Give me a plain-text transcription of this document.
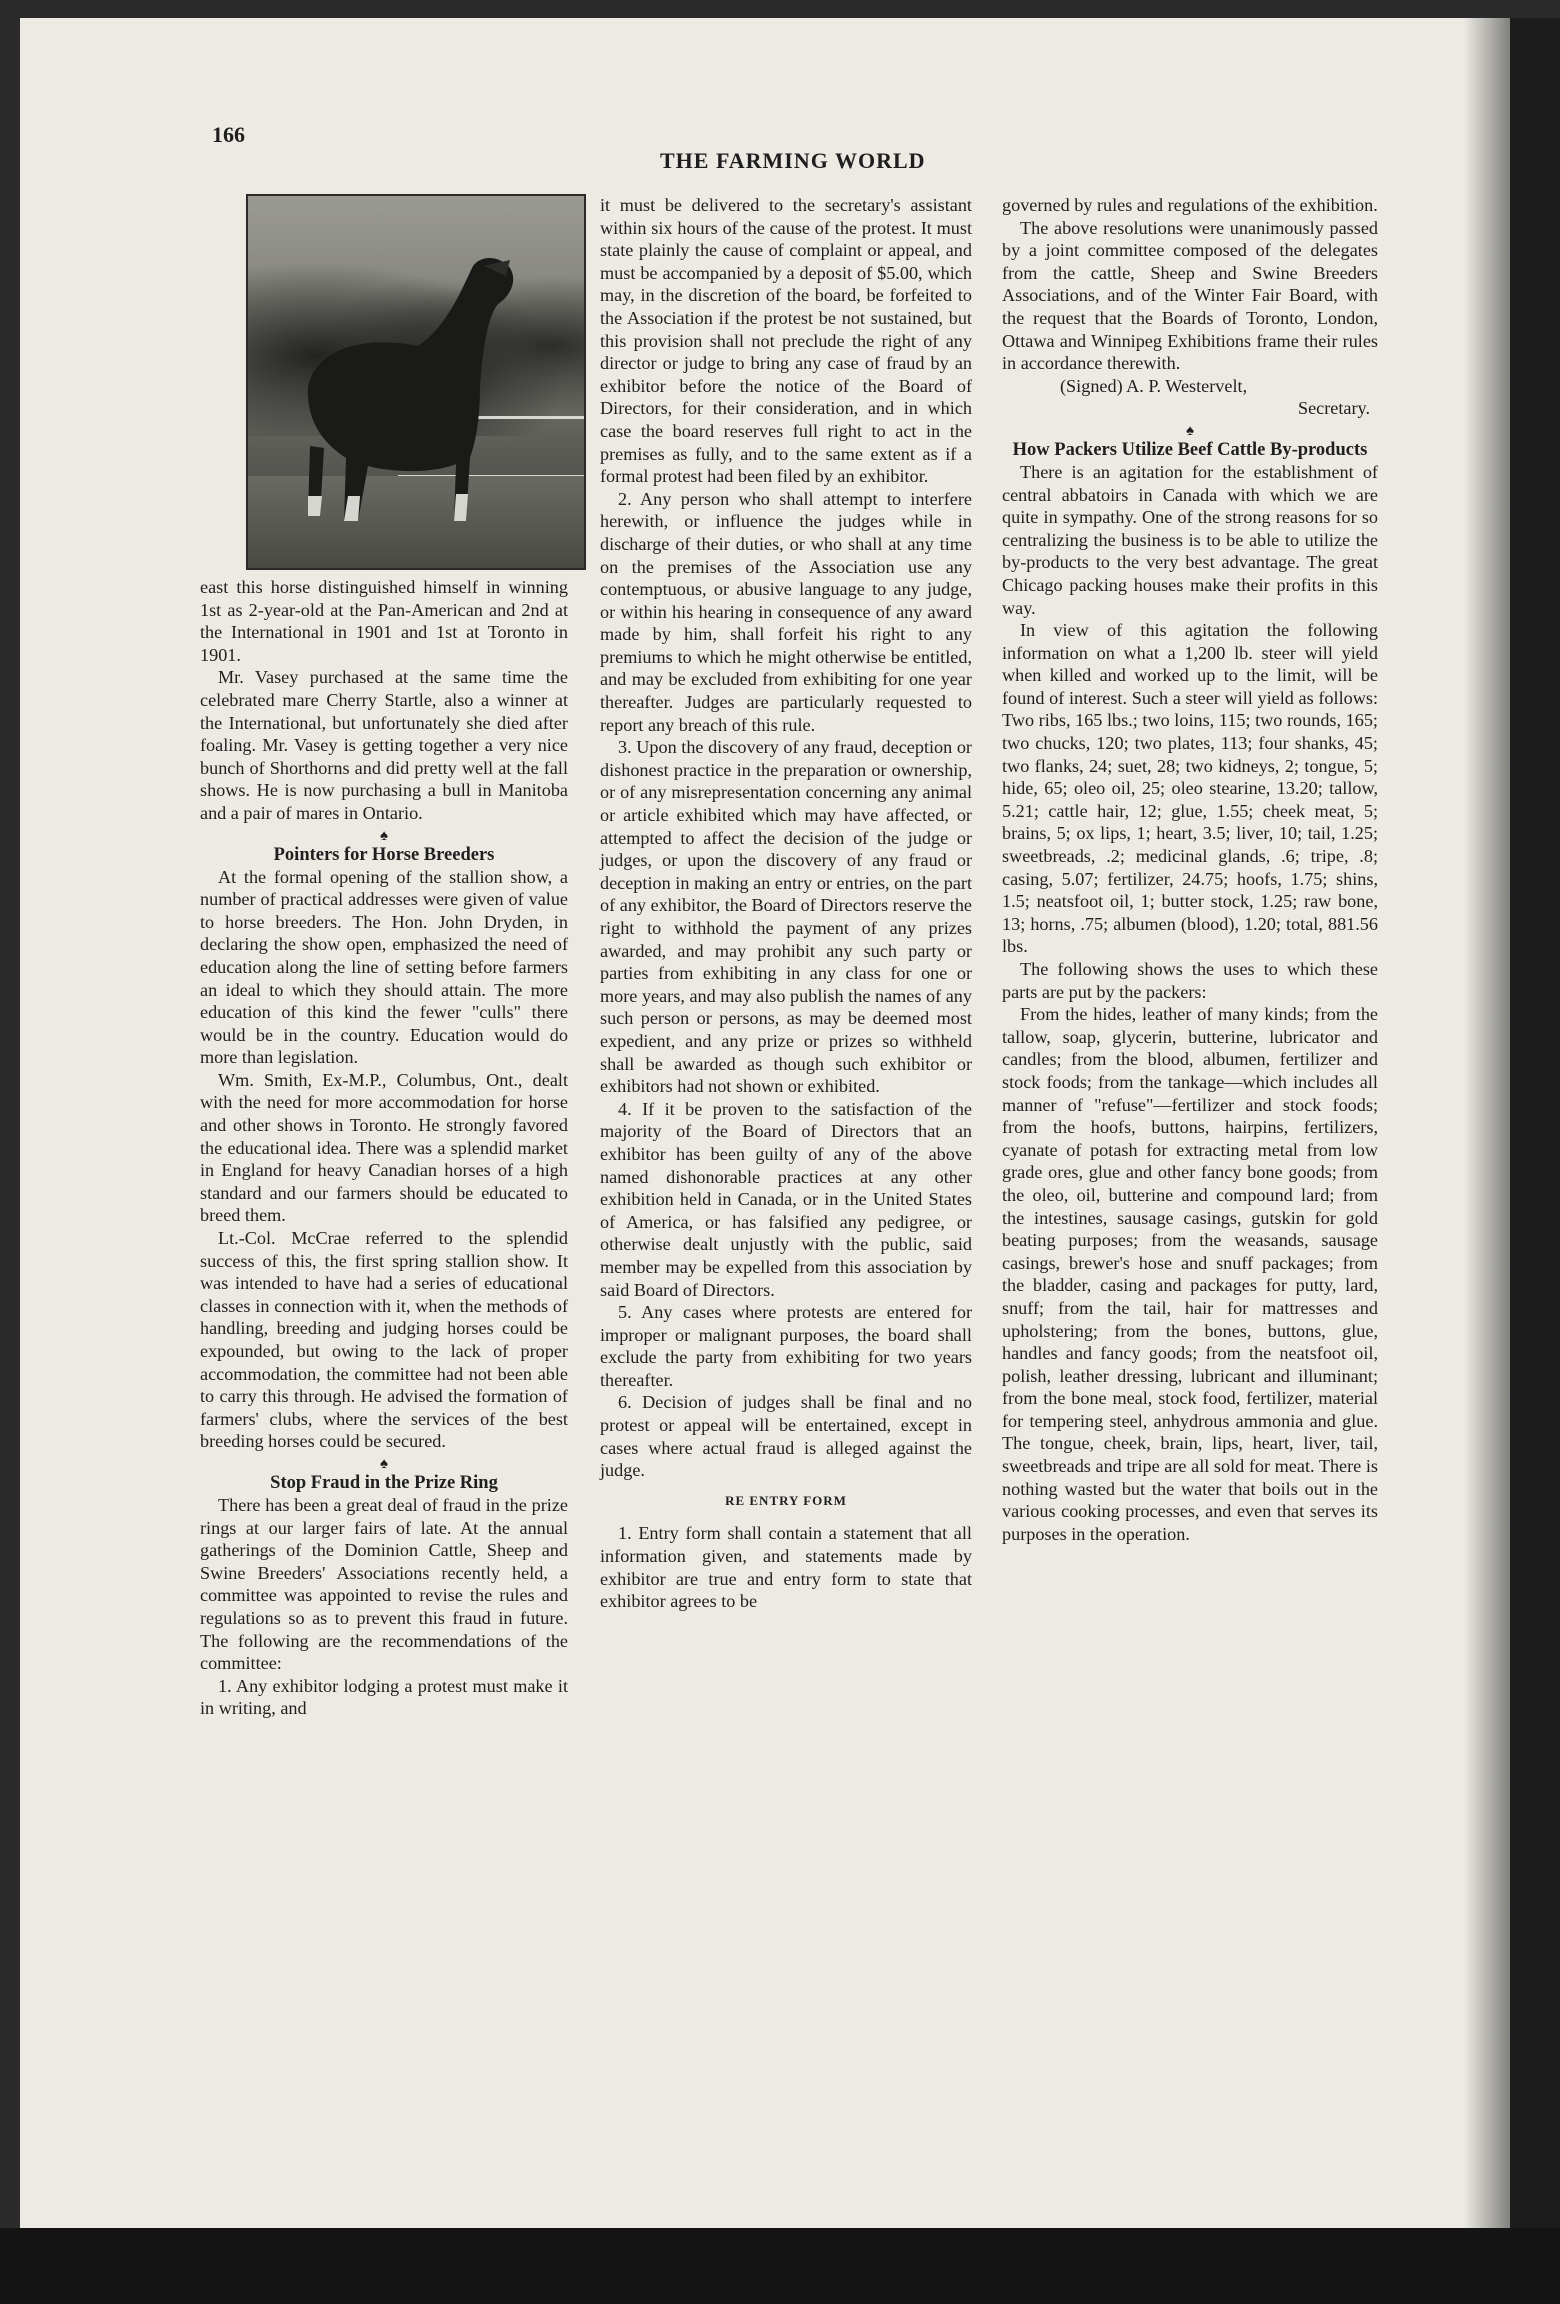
166
THE FARMING WORLD

east this horse distinguished himself in winning 1st as 2-year-old at the Pan-American and 2nd at the International in 1901 and 1st at Toronto in 1901.

Mr. Vasey purchased at the same time the celebrated mare Cherry Startle, also a winner at the International, but unfortunately she died after foaling. Mr. Vasey is getting together a very nice bunch of Shorthorns and did pretty well at the fall shows. He is now purchasing a bull in Manitoba and a pair of mares in Ontario.

♠
Pointers for Horse Breeders

At the formal opening of the stallion show, a number of practical addresses were given of value to horse breeders. The Hon. John Dryden, in declaring the show open, emphasized the need of education along the line of setting before farmers an ideal to which they should attain. The more education of this kind the fewer "culls" there would be in the country. Education would do more than legislation.

Wm. Smith, Ex-M.P., Columbus, Ont., dealt with the need for more accommodation for horse and other shows in Toronto. He strongly favored the educational idea. There was a splendid market in England for heavy Canadian horses of a high standard and our farmers should be educated to breed them.

Lt.-Col. McCrae referred to the splendid success of this, the first spring stallion show. It was intended to have had a series of educational classes in connection with it, when the methods of handling, breeding and judging horses could be expounded, but owing to the lack of proper accommodation, the committee had not been able to carry this through. He advised the formation of farmers' clubs, where the services of the best breeding horses could be secured.

♠
Stop Fraud in the Prize Ring

There has been a great deal of fraud in the prize rings at our larger fairs of late. At the annual gatherings of the Dominion Cattle, Sheep and Swine Breeders' Associations recently held, a committee was appointed to revise the rules and regulations so as to prevent this fraud in future. The following are the recommendations of the committee:

1. Any exhibitor lodging a protest must make it in writing, and

it must be delivered to the secretary's assistant within six hours of the cause of the protest. It must state plainly the cause of complaint or appeal, and must be accompanied by a deposit of $5.00, which may, in the discretion of the board, be forfeited to the Association if the protest be not sustained, but this provision shall not preclude the right of any director or judge to bring any case of fraud by an exhibitor before the notice of the Board of Directors, for their consideration, and in which case the board reserves full right to act in the premises as fully, and to the same extent as if a formal protest had been filed by an exhibitor.

2. Any person who shall attempt to interfere herewith, or influence the judges while in discharge of their duties, or who shall at any time on the premises of the Association use any contemptuous, or abusive language to any judge, or within his hearing in consequence of any award made by him, shall forfeit his right to any premiums to which he might otherwise be entitled, and may be excluded from exhibiting for one year thereafter. Judges are particularly requested to report any breach of this rule.

3. Upon the discovery of any fraud, deception or dishonest practice in the preparation or ownership, or of any misrepresentation concerning any animal or article exhibited which may have affected, or attempted to affect the decision of the judge or judges, or upon the discovery of any fraud or deception in making an entry or entries, on the part of any exhibitor, the Board of Directors reserve the right to withhold the payment of any prizes awarded, and may prohibit any such party or parties from exhibiting in any class for one or more years, and may also publish the names of any such person or persons, as may be deemed most expedient, and any prize or prizes so withheld shall be awarded as though such exhibitor or exhibitors had not shown or exhibited.

4. If it be proven to the satisfaction of the majority of the Board of Directors that an exhibitor has been guilty of any of the above named dishonorable practices at any other exhibition held in Canada, or in the United States of America, or has falsified any pedigree, or otherwise dealt unjustly with the public, said member may be expelled from this association by said Board of Directors.

5. Any cases where protests are entered for improper or malignant purposes, the board shall exclude the party from exhibiting for two years thereafter.

6. Decision of judges shall be final and no protest or appeal will be entertained, except in cases where actual fraud is alleged against the judge.

RE ENTRY FORM

1. Entry form shall contain a statement that all information given, and statements made by exhibitor are true and entry form to state that exhibitor agrees to be

governed by rules and regulations of the exhibition.

The above resolutions were unanimously passed by a joint committee composed of the delegates from the cattle, Sheep and Swine Breeders Associations, and of the Winter Fair Board, with the request that the Boards of Toronto, London, Ottawa and Winnipeg Exhibitions frame their rules in accordance therewith.

(Signed) A. P. Westervelt,

Secretary.

♠
How Packers Utilize Beef Cattle By-products

There is an agitation for the establishment of central abbatoirs in Canada with which we are quite in sympathy. One of the strong reasons for so centralizing the business is to be able to utilize the by-products to the very best advantage. The great Chicago packing houses make their profits in this way.

In view of this agitation the following information on what a 1,200 lb. steer will yield when killed and worked up to the limit, will be found of interest. Such a steer will yield as follows: Two ribs, 165 lbs.; two loins, 115; two rounds, 165; two chucks, 120; two plates, 113; four shanks, 45; two flanks, 24; suet, 28; two kidneys, 2; tongue, 5; hide, 65; oleo oil, 25; oleo stearine, 13.20; tallow, 5.21; cattle hair, 12; glue, 1.55; cheek meat, 5; brains, 5; ox lips, 1; heart, 3.5; liver, 10; tail, 1.25; sweetbreads, .2; medicinal glands, .6; tripe, .8; casing, 5.07; fertilizer, 24.75; hoofs, 1.75; shins, 1.5; neatsfoot oil, 1; butter stock, 1.25; raw bone, 13; horns, .75; albumen (blood), 1.20; total, 881.56 lbs.

The following shows the uses to which these parts are put by the packers:

From the hides, leather of many kinds; from the tallow, soap, glycerin, butterine, lubricator and candles; from the blood, albumen, fertilizer and stock foods; from the tankage—which includes all manner of "refuse"—fertilizer and stock foods; from the hoofs, buttons, hairpins, fertilizers, cyanate of potash for extracting metal from low grade ores, glue and other fancy bone goods; from the oleo, oil, butterine and compound lard; from the intestines, sausage casings, gutskin for gold beating purposes; from the weasands, sausage casings, brewer's hose and snuff packages; from the bladder, casing and packages for putty, lard, snuff; from the tail, hair for mattresses and upholstering; from the bones, buttons, glue, handles and fancy goods; from the neatsfoot oil, polish, leather dressing, lubricant and illuminant; from the bone meal, stock food, fertilizer, material for tempering steel, anhydrous ammonia and glue. The tongue, cheek, brain, lips, heart, liver, tail, sweetbreads and tripe are all sold for meat. There is nothing wasted but the water that boils out in the various cooking processes, and even that serves its purposes in the operation.
